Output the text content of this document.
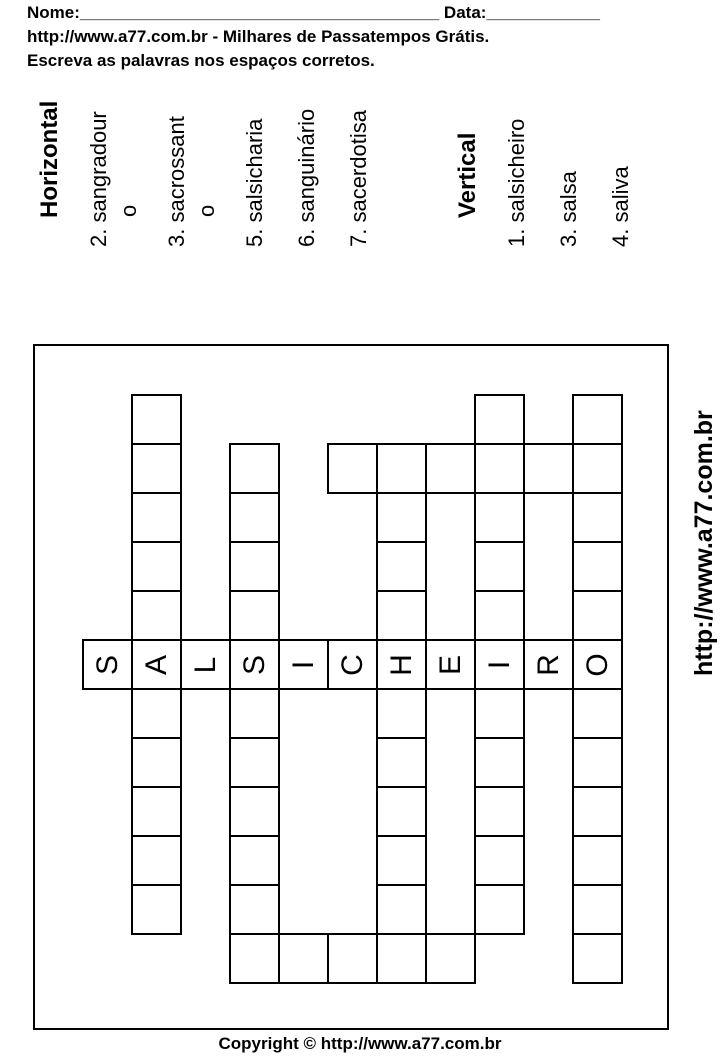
Nome:______________________________________ Data:____________
http://www.a77.com.br - Milhares de Passatempos Grátis.
Escreva as palavras nos espaços corretos.
Horizontal	Vertical
2. sangradour o 3. sacrossant o 5. salsicharia 6. sanguinário 7. sacerdotisa	1. salsicheiro 3. salsa 4. saliva
http://www.a77.com.br
S A L S I C H E I R O
Copyright © http://www.a77.com.br
